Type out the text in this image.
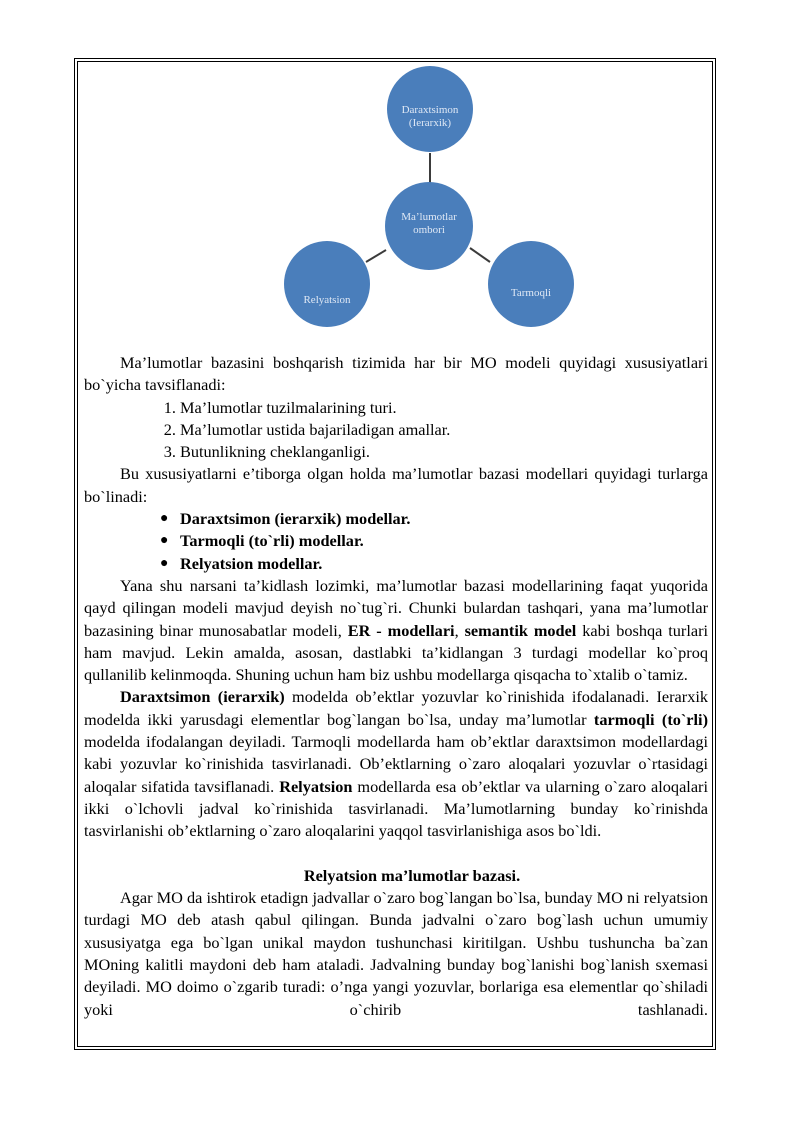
Daraxtsimon
(Ierarxik)
Ma’lumotlar
ombori
Relyatsion
Tarmoqli

Ma’lumotlar bazasini boshqarish tizimida har bir MO modeli quyidagi xususiyatlari bo`yicha tavsiflanadi:

1. Ma’lumotlar tuzilmalarining turi.
2. Ma’lumotlar ustida bajariladigan amallar.
3. Butunlikning cheklanganligi.

Bu xususiyatlarni e’tiborga olgan holda ma’lumotlar bazasi modellari quyidagi turlarga bo`linadi:

● Daraxtsimon (ierarxik) modellar.
● Tarmoqli (to`rli) modellar.
● Relyatsion modellar.

Yana shu narsani ta’kidlash lozimki, ma’lumotlar bazasi modellarining faqat yuqorida qayd qilingan modeli mavjud deyish no`tug`ri. Chunki bulardan tashqari, yana ma’lumotlar bazasining binar munosabatlar modeli, ER - modellari, semantik model kabi boshqa turlari ham mavjud. Lekin amalda, asosan, dastlabki ta’kidlangan 3 turdagi modellar ko`proq qullanilib kelinmoqda. Shuning uchun ham biz ushbu modellarga qisqacha to`xtalib o`tamiz.

Daraxtsimon (ierarxik) modelda ob’ektlar yozuvlar ko`rinishida ifodalanadi. Ierarxik modelda ikki yarusdagi elementlar bog`langan bo`lsa, unday ma’lumotlar tarmoqli (to`rli) modelda ifodalangan deyiladi. Tarmoqli modellarda ham ob’ektlar daraxtsimon modellardagi kabi yozuvlar ko`rinishida tasvirlanadi. Ob’ektlarning o`zaro aloqalari yozuvlar o`rtasidagi aloqalar sifatida tavsiflanadi. Relyatsion modellarda esa ob’ektlar va ularning o`zaro aloqalari ikki o`lchovli jadval ko`rinishida tasvirlanadi. Ma’lumotlarning bunday ko`rinishda tasvirlanishi ob’ektlarning o`zaro aloqalarini yaqqol tasvirlanishiga asos bo`ldi.

Relyatsion ma’lumotlar bazasi.

Agar MO da ishtirok etadign jadvallar o`zaro bog`langan bo`lsa, bunday MO ni relyatsion turdagi MO deb atash qabul qilingan. Bunda jadvalni o`zaro bog`lash uchun umumiy xususiyatga ega bo`lgan unikal maydon tushunchasi kiritilgan. Ushbu tushuncha ba`zan MOning kalitli maydoni deb ham ataladi. Jadvalning bunday bog`lanishi bog`lanish sxemasi deyiladi. MO doimo o`zgarib turadi: o’nga yangi yozuvlar, borlariga esa elementlar qo`shiladi yoki o`chirib tashlanadi.
